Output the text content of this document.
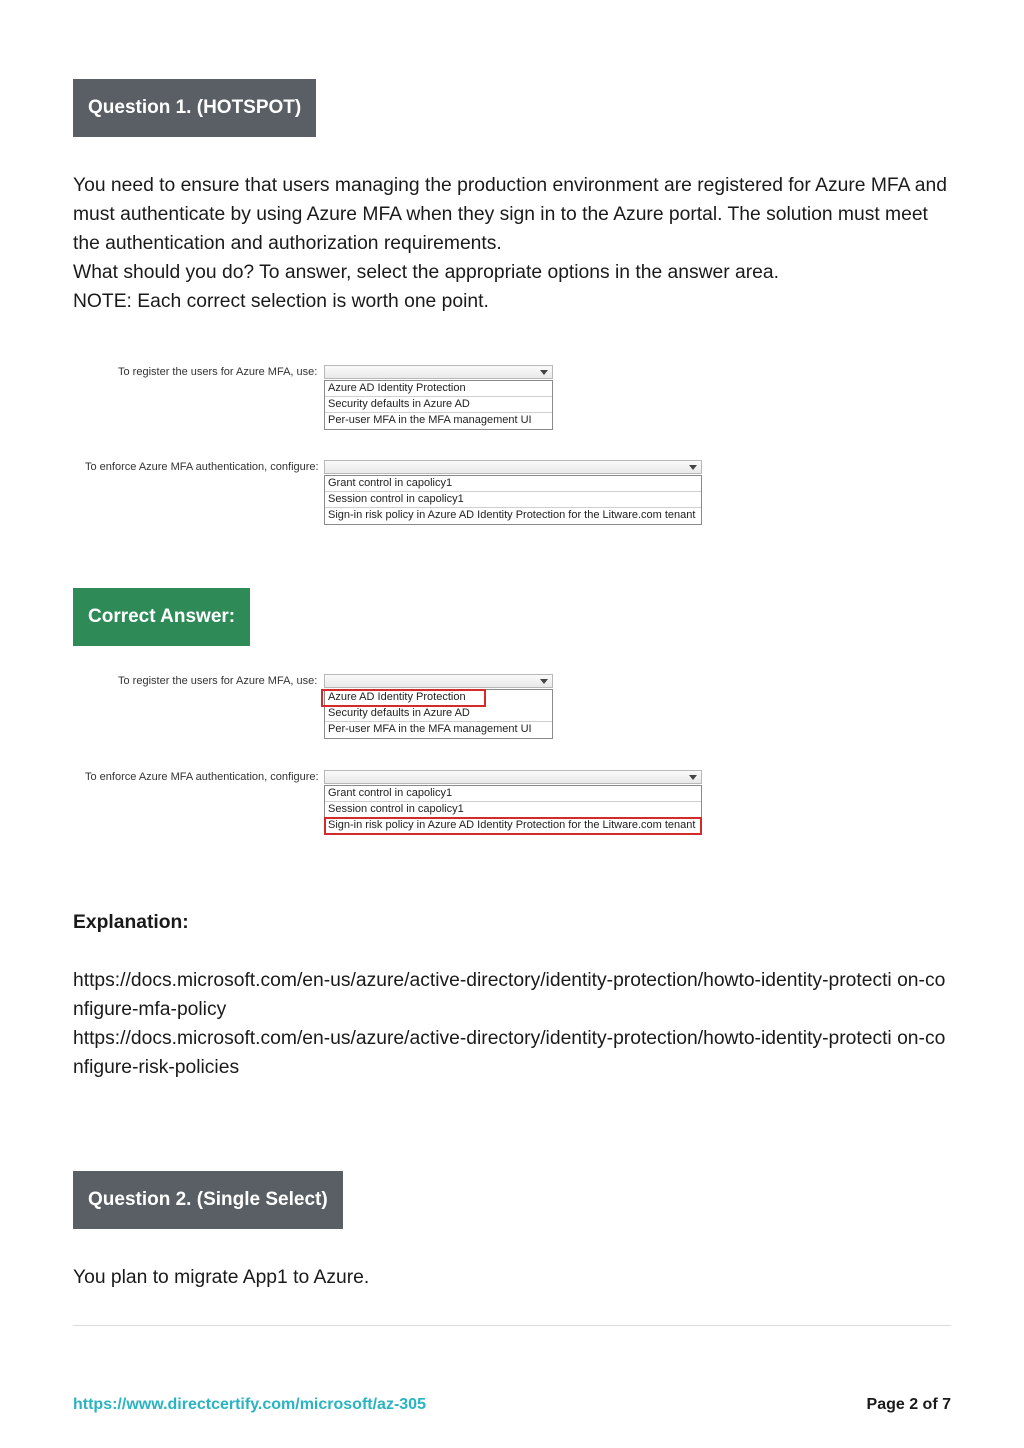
Question 1. (HOTSPOT)

You need to ensure that users managing the production environment are registered for Azure MFA and must authenticate by using Azure MFA when they sign in to the Azure portal. The solution must meet the authentication and authorization requirements.

What should you do? To answer, select the appropriate options in the answer area.

NOTE: Each correct selection is worth one point.

To register the users for Azure MFA, use:
Azure AD Identity Protection
Security defaults in Azure AD
Per-user MFA in the MFA management UI
To enforce Azure MFA authentication, configure:
Grant control in capolicy1
Session control in capolicy1
Sign-in risk policy in Azure AD Identity Protection for the Litware.com tenant
Correct Answer:
To register the users for Azure MFA, use:
Azure AD Identity Protection
Security defaults in Azure AD
Per-user MFA in the MFA management UI
To enforce Azure MFA authentication, configure:
Grant control in capolicy1
Session control in capolicy1
Sign-in risk policy in Azure AD Identity Protection for the Litware.com tenant
Explanation:

https://docs.microsoft.com/en-us/azure/active-directory/identity-protection/howto-identity-protecti on-configure-mfa-policy

https://docs.microsoft.com/en-us/azure/active-directory/identity-protection/howto-identity-protecti on-configure-risk-policies

Question 2. (Single Select)

You plan to migrate App1 to Azure.

https://www.directcertify.com/microsoft/az-305	Page 2 of 7
